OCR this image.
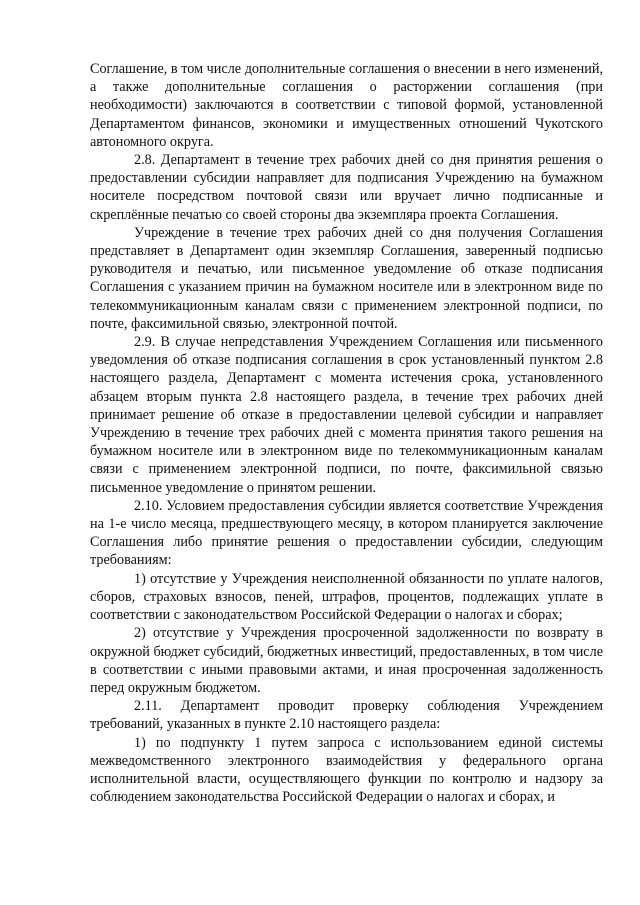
Соглашение, в том числе дополнительные соглашения о внесении в него изменений, а также дополнительные соглашения о расторжении соглашения (при необходимости) заключаются в соответствии с типовой формой, установленной Департаментом финансов, экономики и имущественных отношений Чукотского автономного округа.

2.8. Департамент в течение трех рабочих дней со дня принятия решения о предоставлении субсидии направляет для подписания Учреждению на бумажном носителе посредством почтовой связи или вручает лично подписанные и скреплённые печатью со своей стороны два экземпляра проекта Соглашения.

Учреждение в течение трех рабочих дней со дня получения Соглашения представляет в Департамент один экземпляр Соглашения, заверенный подписью руководителя и печатью, или письменное уведомление об отказе подписания Соглашения с указанием причин на бумажном носителе или в электронном виде по телекоммуникационным каналам связи с применением электронной подписи, по почте, факсимильной связью, электронной почтой.

2.9. В случае непредставления Учреждением Соглашения или письменного уведомления об отказе подписания соглашения в срок установленный пунктом 2.8 настоящего раздела, Департамент с момента истечения срока, установленного абзацем вторым пункта 2.8 настоящего раздела, в течение трех рабочих дней принимает решение об отказе в предоставлении целевой субсидии и направляет Учреждению в течение трех рабочих дней с момента принятия такого решения на бумажном носителе или в электронном виде по телекоммуникационным каналам связи с применением электронной подписи, по почте, факсимильной связью письменное уведомление о принятом решении.

2.10. Условием предоставления субсидии является соответствие Учреждения на 1-е число месяца, предшествующего месяцу, в котором планируется заключение Соглашения либо принятие решения о предоставлении субсидии, следующим требованиям:

1) отсутствие у Учреждения неисполненной обязанности по уплате налогов, сборов, страховых взносов, пеней, штрафов, процентов, подлежащих уплате в соответствии с законодательством Российской Федерации о налогах и сборах;

2) отсутствие у Учреждения просроченной задолженности по возврату в окружной бюджет субсидий, бюджетных инвестиций, предоставленных, в том числе в соответствии с иными правовыми актами, и иная просроченная задолженность перед окружным бюджетом.

2.11. Департамент проводит проверку соблюдения Учреждением требований, указанных в пункте 2.10 настоящего раздела:

1) по подпункту 1 путем запроса с использованием единой системы межведомственного электронного взаимодействия у федерального органа исполнительной власти, осуществляющего функции по контролю и надзору за соблюдением законодательства Российской Федерации о налогах и сборах, и
